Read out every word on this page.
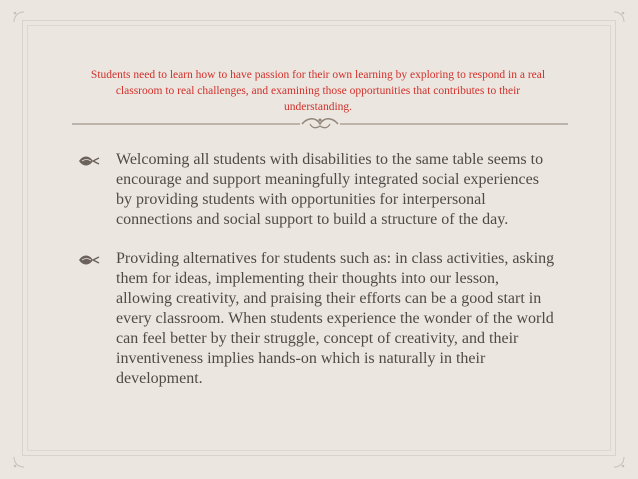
Students need to learn how to have passion for their own learning by exploring to respond in a real classroom to real challenges, and examining those opportunities that contributes to their understanding.
Welcoming all students with disabilities to the same table seems to encourage and support meaningfully integrated social experiences by providing students with opportunities for interpersonal connections and social support to build a structure of the day.
Providing alternatives for students such as: in class activities, asking them for ideas, implementing their thoughts into our lesson, allowing creativity, and praising their efforts can be a good start in every classroom. When students experience the wonder of the world can feel better by their struggle, concept of creativity, and their inventiveness implies hands-on which is naturally in their development.
